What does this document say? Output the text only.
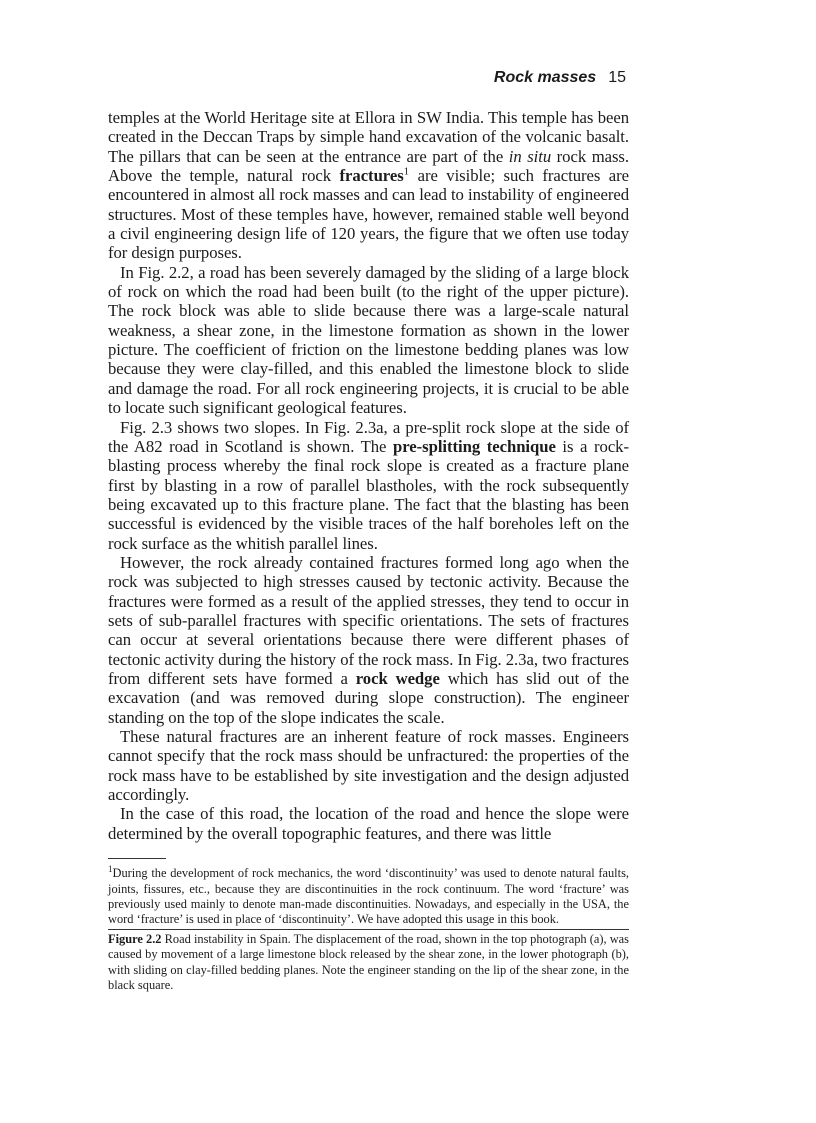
Rock masses 15

temples at the World Heritage site at Ellora in SW India. This temple has been created in the Deccan Traps by simple hand excavation of the volcanic basalt. The pillars that can be seen at the entrance are part of the in situ rock mass. Above the temple, natural rock fractures$^1$ are visible; such fractures are encountered in almost all rock masses and can lead to instability of engineered structures. Most of these temples have, however, remained stable well beyond a civil engineering design life of 120 years, the figure that we often use today for design purposes.

In Fig. 2.2, a road has been severely damaged by the sliding of a large block of rock on which the road had been built (to the right of the upper picture). The rock block was able to slide because there was a large-scale natural weakness, a shear zone, in the limestone formation as shown in the lower picture. The coefficient of friction on the limestone bedding planes was low because they were clay-filled, and this enabled the limestone block to slide and damage the road. For all rock engineering projects, it is crucial to be able to locate such significant geological features.

Fig. 2.3 shows two slopes. In Fig. 2.3a, a pre-split rock slope at the side of the A82 road in Scotland is shown. The pre-splitting technique is a rock-blasting process whereby the final rock slope is created as a fracture plane first by blasting in a row of parallel blastholes, with the rock subsequently being excavated up to this fracture plane. The fact that the blasting has been successful is evidenced by the visible traces of the half boreholes left on the rock surface as the whitish parallel lines.

However, the rock already contained fractures formed long ago when the rock was subjected to high stresses caused by tectonic activity. Because the fractures were formed as a result of the applied stresses, they tend to occur in sets of sub-parallel fractures with specific orientations. The sets of fractures can occur at several orientations because there were different phases of tectonic activity during the history of the rock mass. In Fig. 2.3a, two fractures from different sets have formed a rock wedge which has slid out of the excavation (and was removed during slope construction). The engineer standing on the top of the slope indicates the scale.

These natural fractures are an inherent feature of rock masses. Engineers cannot specify that the rock mass should be unfractured: the properties of the rock mass have to be established by site investigation and the design adjusted accordingly.

In the case of this road, the location of the road and hence the slope were determined by the overall topographic features, and there was little

$^1$During the development of rock mechanics, the word ‘discontinuity’ was used to denote natural faults, joints, fissures, etc., because they are discontinuities in the rock continuum. The word ‘fracture’ was previously used mainly to denote man-made discontinuities. Nowadays, and especially in the USA, the word ‘fracture’ is used in place of ‘discontinuity’. We have adopted this usage in this book.
Figure 2.2 Road instability in Spain. The displacement of the road, shown in the top photograph (a), was caused by movement of a large limestone block released by the shear zone, in the lower photograph (b), with sliding on clay-filled bedding planes. Note the engineer standing on the lip of the shear zone, in the black square.
